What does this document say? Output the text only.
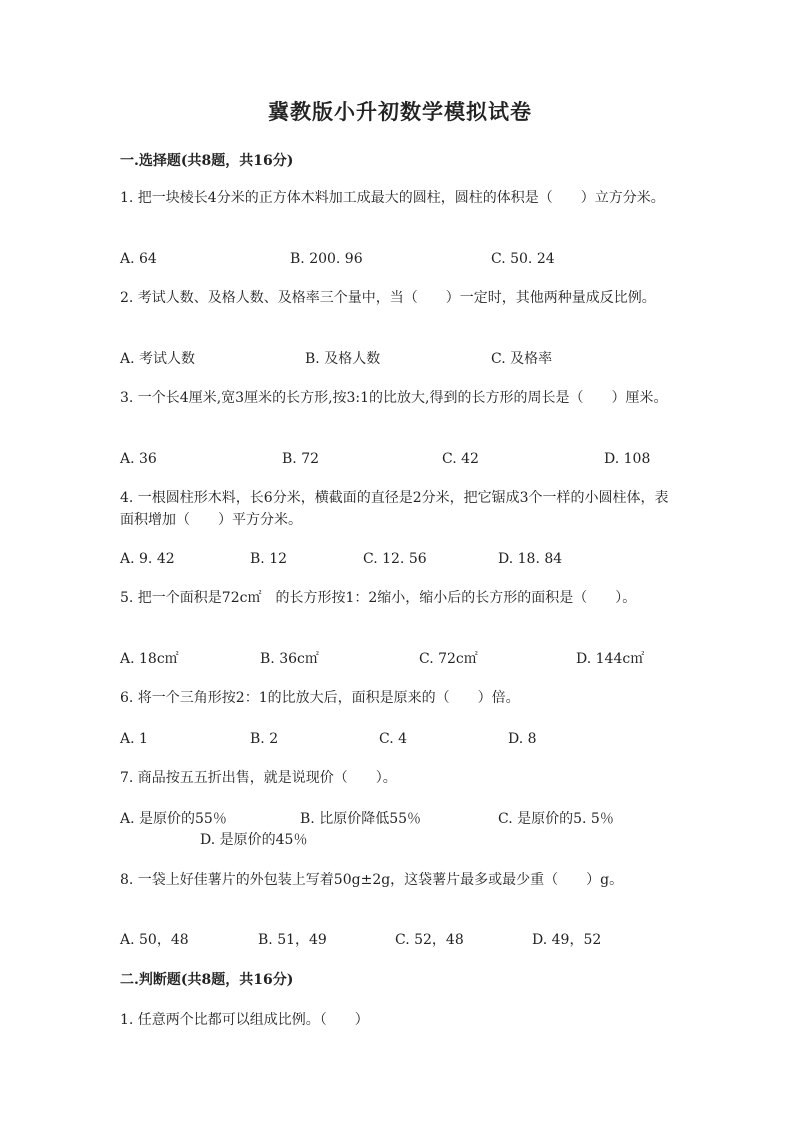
冀教版小升初数学模拟试卷
一.选择题(共8题，共16分)
1. 把一块棱长4分米的正方体木料加工成最大的圆柱，圆柱的体积是（　　）立方分米。
A. 64	B. 200. 96	C. 50. 24
2. 考试人数、及格人数、及格率三个量中，当（　　）一定时，其他两种量成反比例。
A. 考试人数	B. 及格人数	C. 及格率
3. 一个长4厘米,宽3厘米的长方形,按3:1的比放大,得到的长方形的周长是（　　）厘米。
A. 36	B. 72	C. 42	D. 108
4. 一根圆柱形木料，长6分米，横截面的直径是2分米，把它锯成3个一样的小圆柱体，表面积增加（　　）平方分米。
A. 9. 42	B. 12	C. 12. 56	D. 18. 84
5. 把一个面积是72c㎡　的长方形按1：2缩小，缩小后的长方形的面积是（　　）。
A. 18c㎡	B. 36c㎡	C. 72c㎡	D. 144c㎡
6. 将一个三角形按2：1的比放大后，面积是原来的（　　）倍。
A. 1	B. 2	C. 4	D. 8
7. 商品按五五折出售，就是说现价（　　）。
A. 是原价的55％	B. 比原价降低55％	C. 是原价的5. 5％
D. 是原价的45％
8. 一袋上好佳薯片的外包装上写着50g±2g，这袋薯片最多或最少重（　　）g。
A. 50，48	B. 51，49	C. 52，48	D. 49，52
二.判断题(共8题，共16分)
1. 任意两个比都可以组成比例。（　　）
